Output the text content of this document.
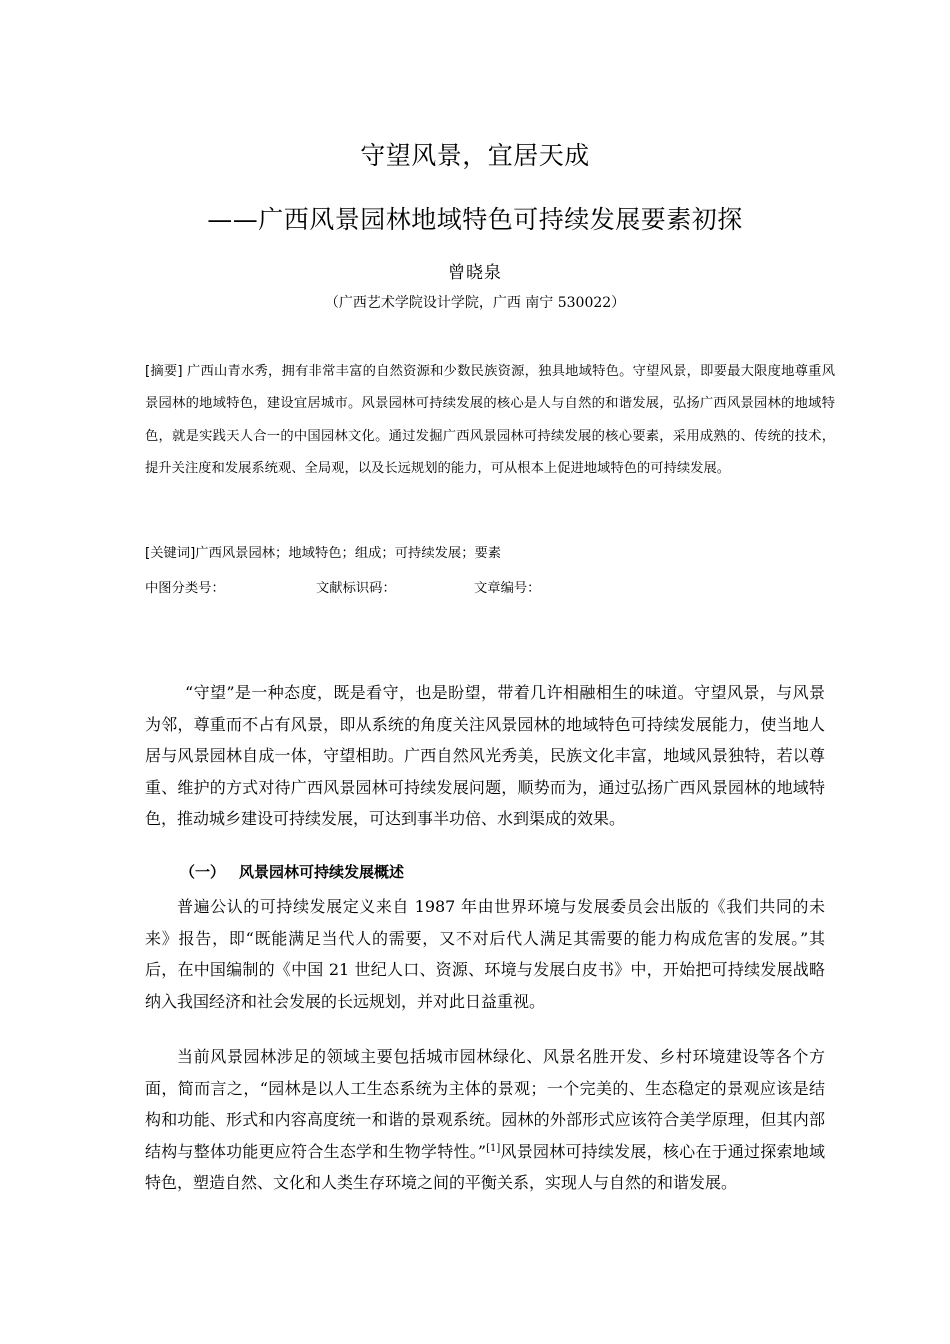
守望风景，宜居天成
——广西风景园林地域特色可持续发展要素初探
曾晓泉
（广西艺术学院设计学院，广西 南宁 530022）
[摘要] 广西山青水秀，拥有非常丰富的自然资源和少数民族资源，独具地域特色。守望风景，即要最大限度地尊重风景园林的地域特色，建设宜居城市。风景园林可持续发展的核心是人与自然的和谐发展，弘扬广西风景园林的地域特色，就是实践天人合一的中国园林文化。通过发掘广西风景园林可持续发展的核心要素，采用成熟的、传统的技术，提升关注度和发展系统观、全局观，以及长远规划的能力，可从根本上促进地域特色的可持续发展。
[关键词]广西风景园林；地域特色；组成；可持续发展；要素
中图分类号：	文献标识码：	文章编号：
“守望”是一种态度，既是看守，也是盼望，带着几许相融相生的味道。守望风景，与风景为邻，尊重而不占有风景，即从系统的角度关注风景园林的地域特色可持续发展能力，使当地人居与风景园林自成一体，守望相助。广西自然风光秀美，民族文化丰富，地域风景独特，若以尊重、维护的方式对待广西风景园林可持续发展问题，顺势而为，通过弘扬广西风景园林的地域特色，推动城乡建设可持续发展，可达到事半功倍、水到渠成的效果。
（一） 风景园林可持续发展概述
普遍公认的可持续发展定义来自 1987 年由世界环境与发展委员会出版的《我们共同的未来》报告，即“既能满足当代人的需要，又不对后代人满足其需要的能力构成危害的发展。”其后，在中国编制的《中国 21 世纪人口、资源、环境与发展白皮书》中，开始把可持续发展战略纳入我国经济和社会发展的长远规划，并对此日益重视。
当前风景园林涉足的领域主要包括城市园林绿化、风景名胜开发、乡村环境建设等各个方面，简而言之，“园林是以人工生态系统为主体的景观；一个完美的、生态稳定的景观应该是结构和功能、形式和内容高度统一和谐的景观系统。园林的外部形式应该符合美学原理，但其内部结构与整体功能更应符合生态学和生物学特性。”[1]风景园林可持续发展，核心在于通过探索地域特色，塑造自然、文化和人类生存环境之间的平衡关系，实现人与自然的和谐发展。
